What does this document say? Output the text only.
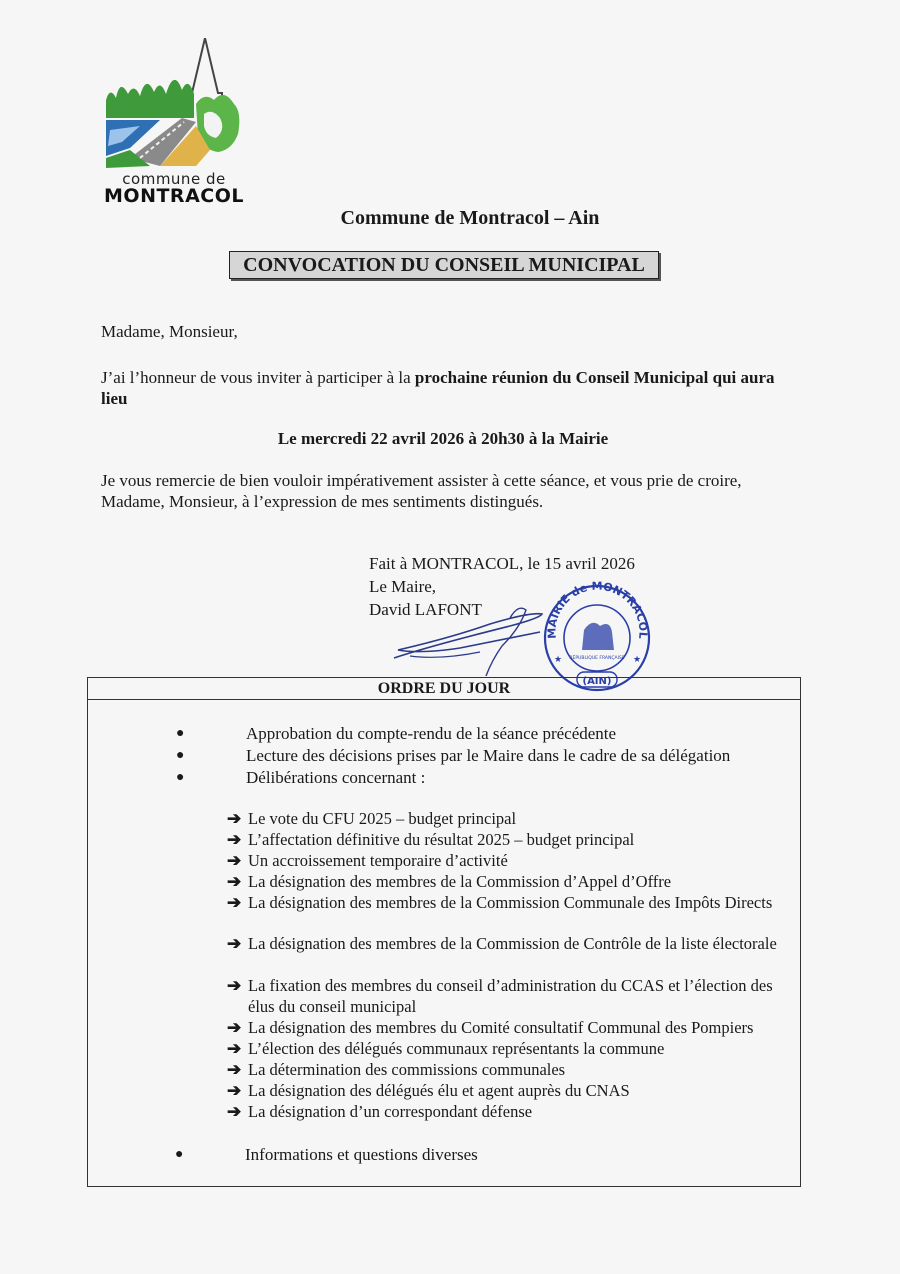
commune de
MONTRACOL
Commune de Montracol – Ain
CONVOCATION DU CONSEIL MUNICIPAL
Madame, Monsieur,
J’ai l’honneur de vous inviter à participer à la prochaine réunion du Conseil Municipal qui aura lieu
Le mercredi 22 avril 2026 à 20h30 à la Mairie
Je vous remercie de bien vouloir impérativement assister à cette séance, et vous prie de croire, Madame, Monsieur, à l’expression de mes sentiments distingués.
Fait à MONTRACOL, le 15 avril 2026
Le Maire,
David LAFONT
MAIRIE de MONTRACOL
RÉPUBLIQUE FRANÇAISE
(AIN)
★	★
ORDRE DU JOUR
●	Approbation du compte-rendu de la séance précédente
●	Lecture des décisions prises par le Maire dans le cadre de sa délégation
●	Délibérations concernant :
➔ Le vote du CFU 2025 – budget principal
➔ L’affectation définitive du résultat 2025 – budget principal
➔ Un accroissement temporaire d’activité
➔ La désignation des membres de la Commission d’Appel d’Offre
➔ La désignation des membres de la Commission Communale des Impôts Directs
➔ La désignation des membres de la Commission de Contrôle de la liste électorale
➔ La fixation des membres du conseil d’administration du CCAS et l’élection des élus du conseil municipal
➔ La désignation des membres du Comité consultatif Communal des Pompiers
➔ L’élection des délégués communaux représentants la commune
➔ La détermination des commissions communales
➔ La désignation des délégués élu et agent auprès du CNAS
➔ La désignation d’un correspondant défense
●	Informations et questions diverses
